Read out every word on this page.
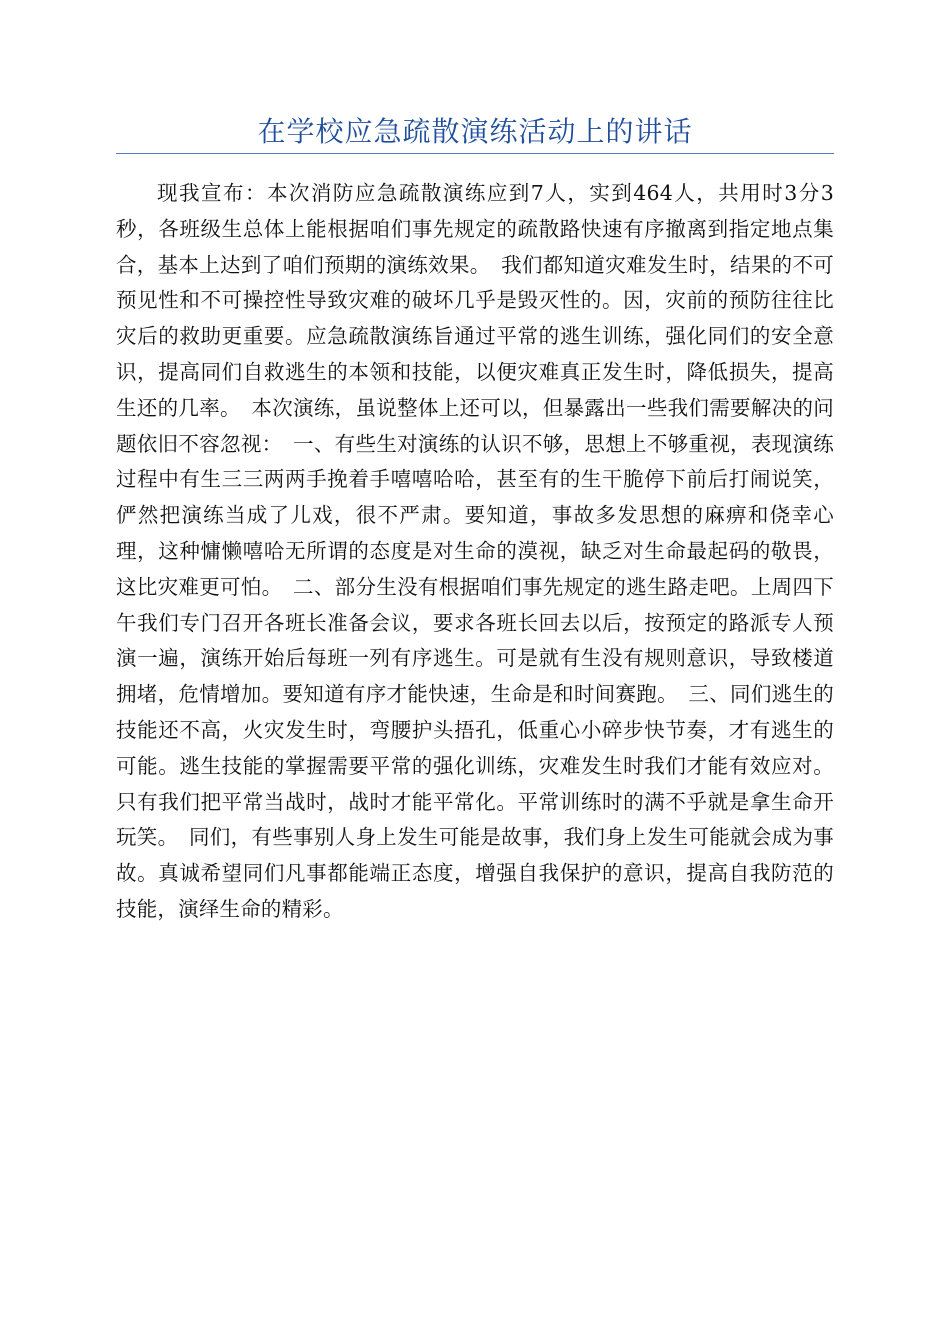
在学校应急疏散演练活动上的讲话

现我宣布：本次消防应急疏散演练应到7人，实到464人，共用时3分3秒，各班级生总体上能根据咱们事先规定的疏散路快速有序撤离到指定地点集合，基本上达到了咱们预期的演练效果。　我们都知道灾难发生时，结果的不可预见性和不可操控性导致灾难的破坏几乎是毁灭性的。因，灾前的预防往往比灾后的救助更重要。应急疏散演练旨通过平常的逃生训练，强化同们的安全意识，提高同们自救逃生的本领和技能，以便灾难真正发生时，降低损失，提高生还的几率。　本次演练，虽说整体上还可以，但暴露出一些我们需要解决的问题依旧不容忽视：　一、有些生对演练的认识不够，思想上不够重视，表现演练过程中有生三三两两手挽着手嘻嘻哈哈，甚至有的生干脆停下前后打闹说笑，俨然把演练当成了儿戏，很不严肃。要知道，事故多发思想的麻痹和侥幸心理，这种慵懒嘻哈无所谓的态度是对生命的漠视，缺乏对生命最起码的敬畏，这比灾难更可怕。　二、部分生没有根据咱们事先规定的逃生路走吧。上周四下午我们专门召开各班长准备会议，要求各班长回去以后，按预定的路派专人预演一遍，演练开始后每班一列有序逃生。可是就有生没有规则意识，导致楼道拥堵，危情增加。要知道有序才能快速，生命是和时间赛跑。　三、同们逃生的技能还不高，火灾发生时，弯腰护头捂孔，低重心小碎步快节奏，才有逃生的可能。逃生技能的掌握需要平常的强化训练，灾难发生时我们才能有效应对。只有我们把平常当战时，战时才能平常化。平常训练时的满不乎就是拿生命开玩笑。　同们，有些事别人身上发生可能是故事，我们身上发生可能就会成为事故。真诚希望同们凡事都能端正态度，增强自我保护的意识，提高自我防范的技能，演绎生命的精彩。
